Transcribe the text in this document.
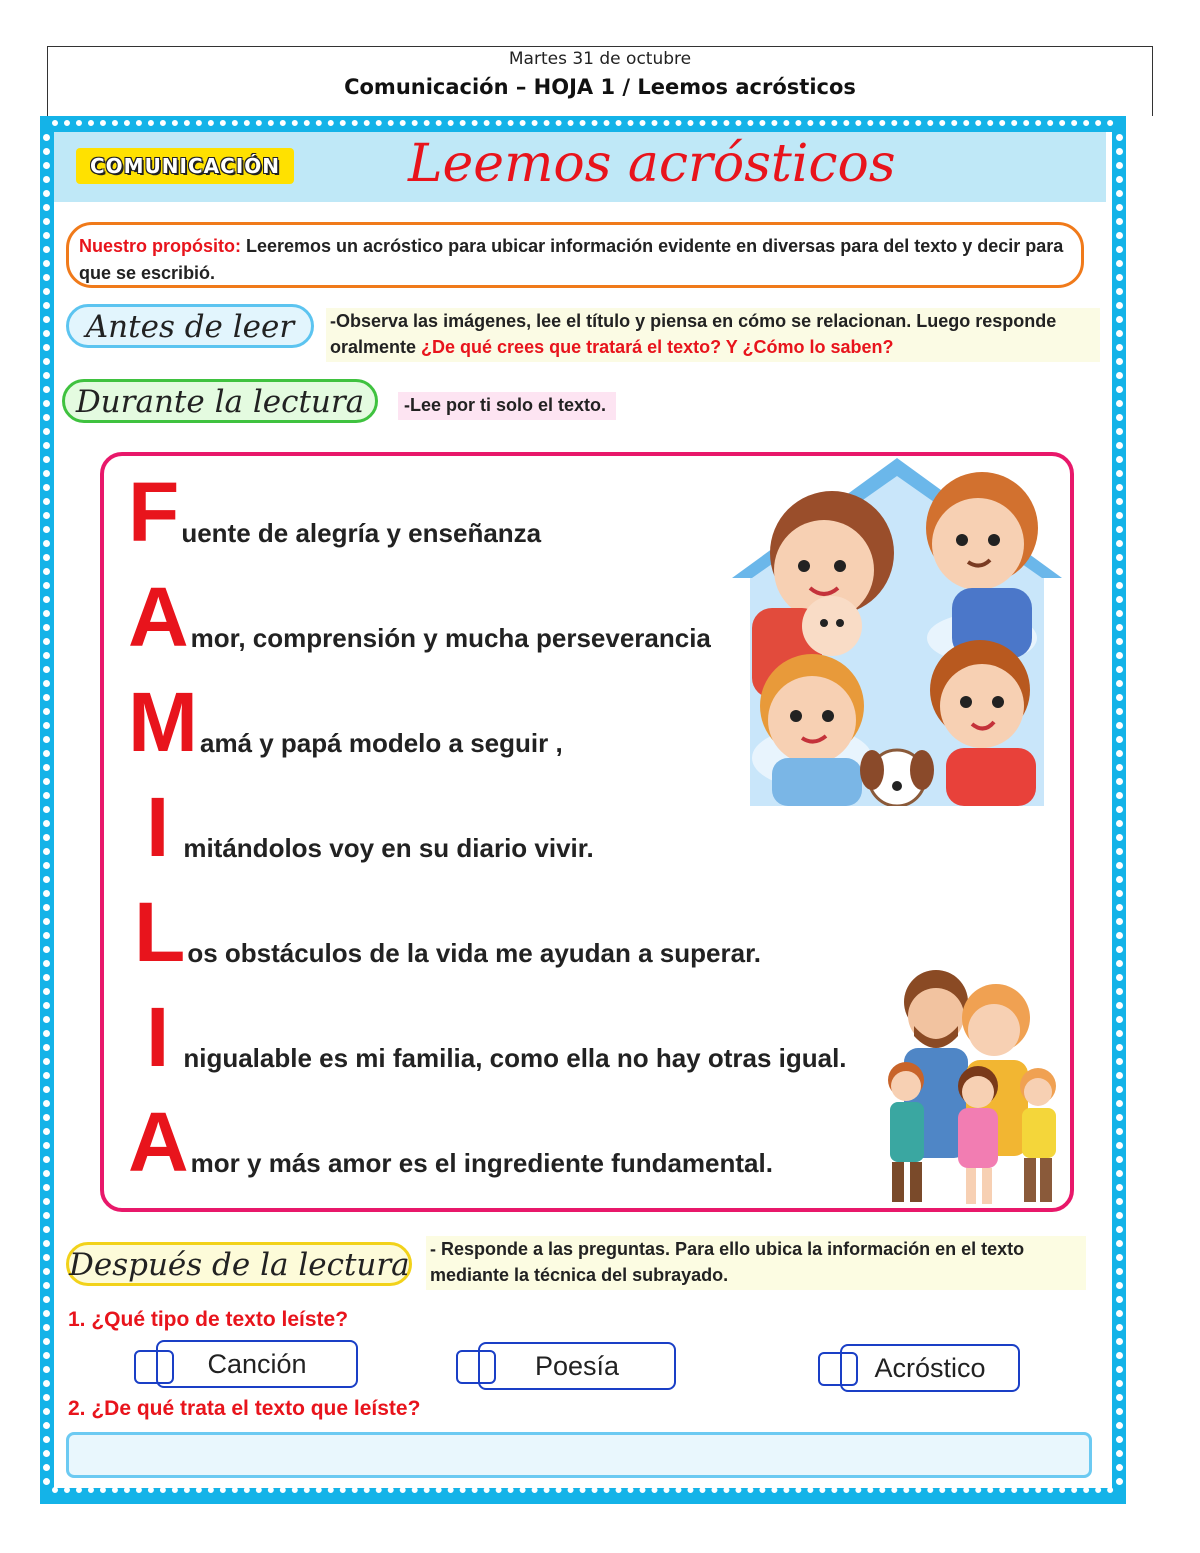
Martes 31 de octubre
Comunicación – HOJA 1 / Leemos acrósticos
COMUNICACIÓN Leemos acrósticos
Nuestro propósito: Leeremos un acróstico para ubicar información evidente en diversas para del texto y decir para que se escribió.
Antes de leer	-Observa las imágenes, lee el título y piensa en cómo se relacionan. Luego responde oralmente ¿De qué crees que tratará el texto? Y ¿Cómo lo saben?
Durante la lectura	-Lee por ti solo el texto.
Fuente de alegría y enseñanza
Amor, comprensión y mucha perseverancia
Mamá y papá modelo a seguir ,
I mitándolos voy en su diario vivir.
Los obstáculos de la vida me ayudan a superar.
I nigualable es mi familia, como ella no hay otras igual.
Amor y más amor es el ingrediente fundamental.
Después de la lectura - Responde a las preguntas. Para ello ubica la información en el texto mediante la técnica del subrayado.
1. ¿Qué tipo de texto leíste?
Canción	Poesía	Acróstico
2. ¿De qué trata el texto que leíste?
